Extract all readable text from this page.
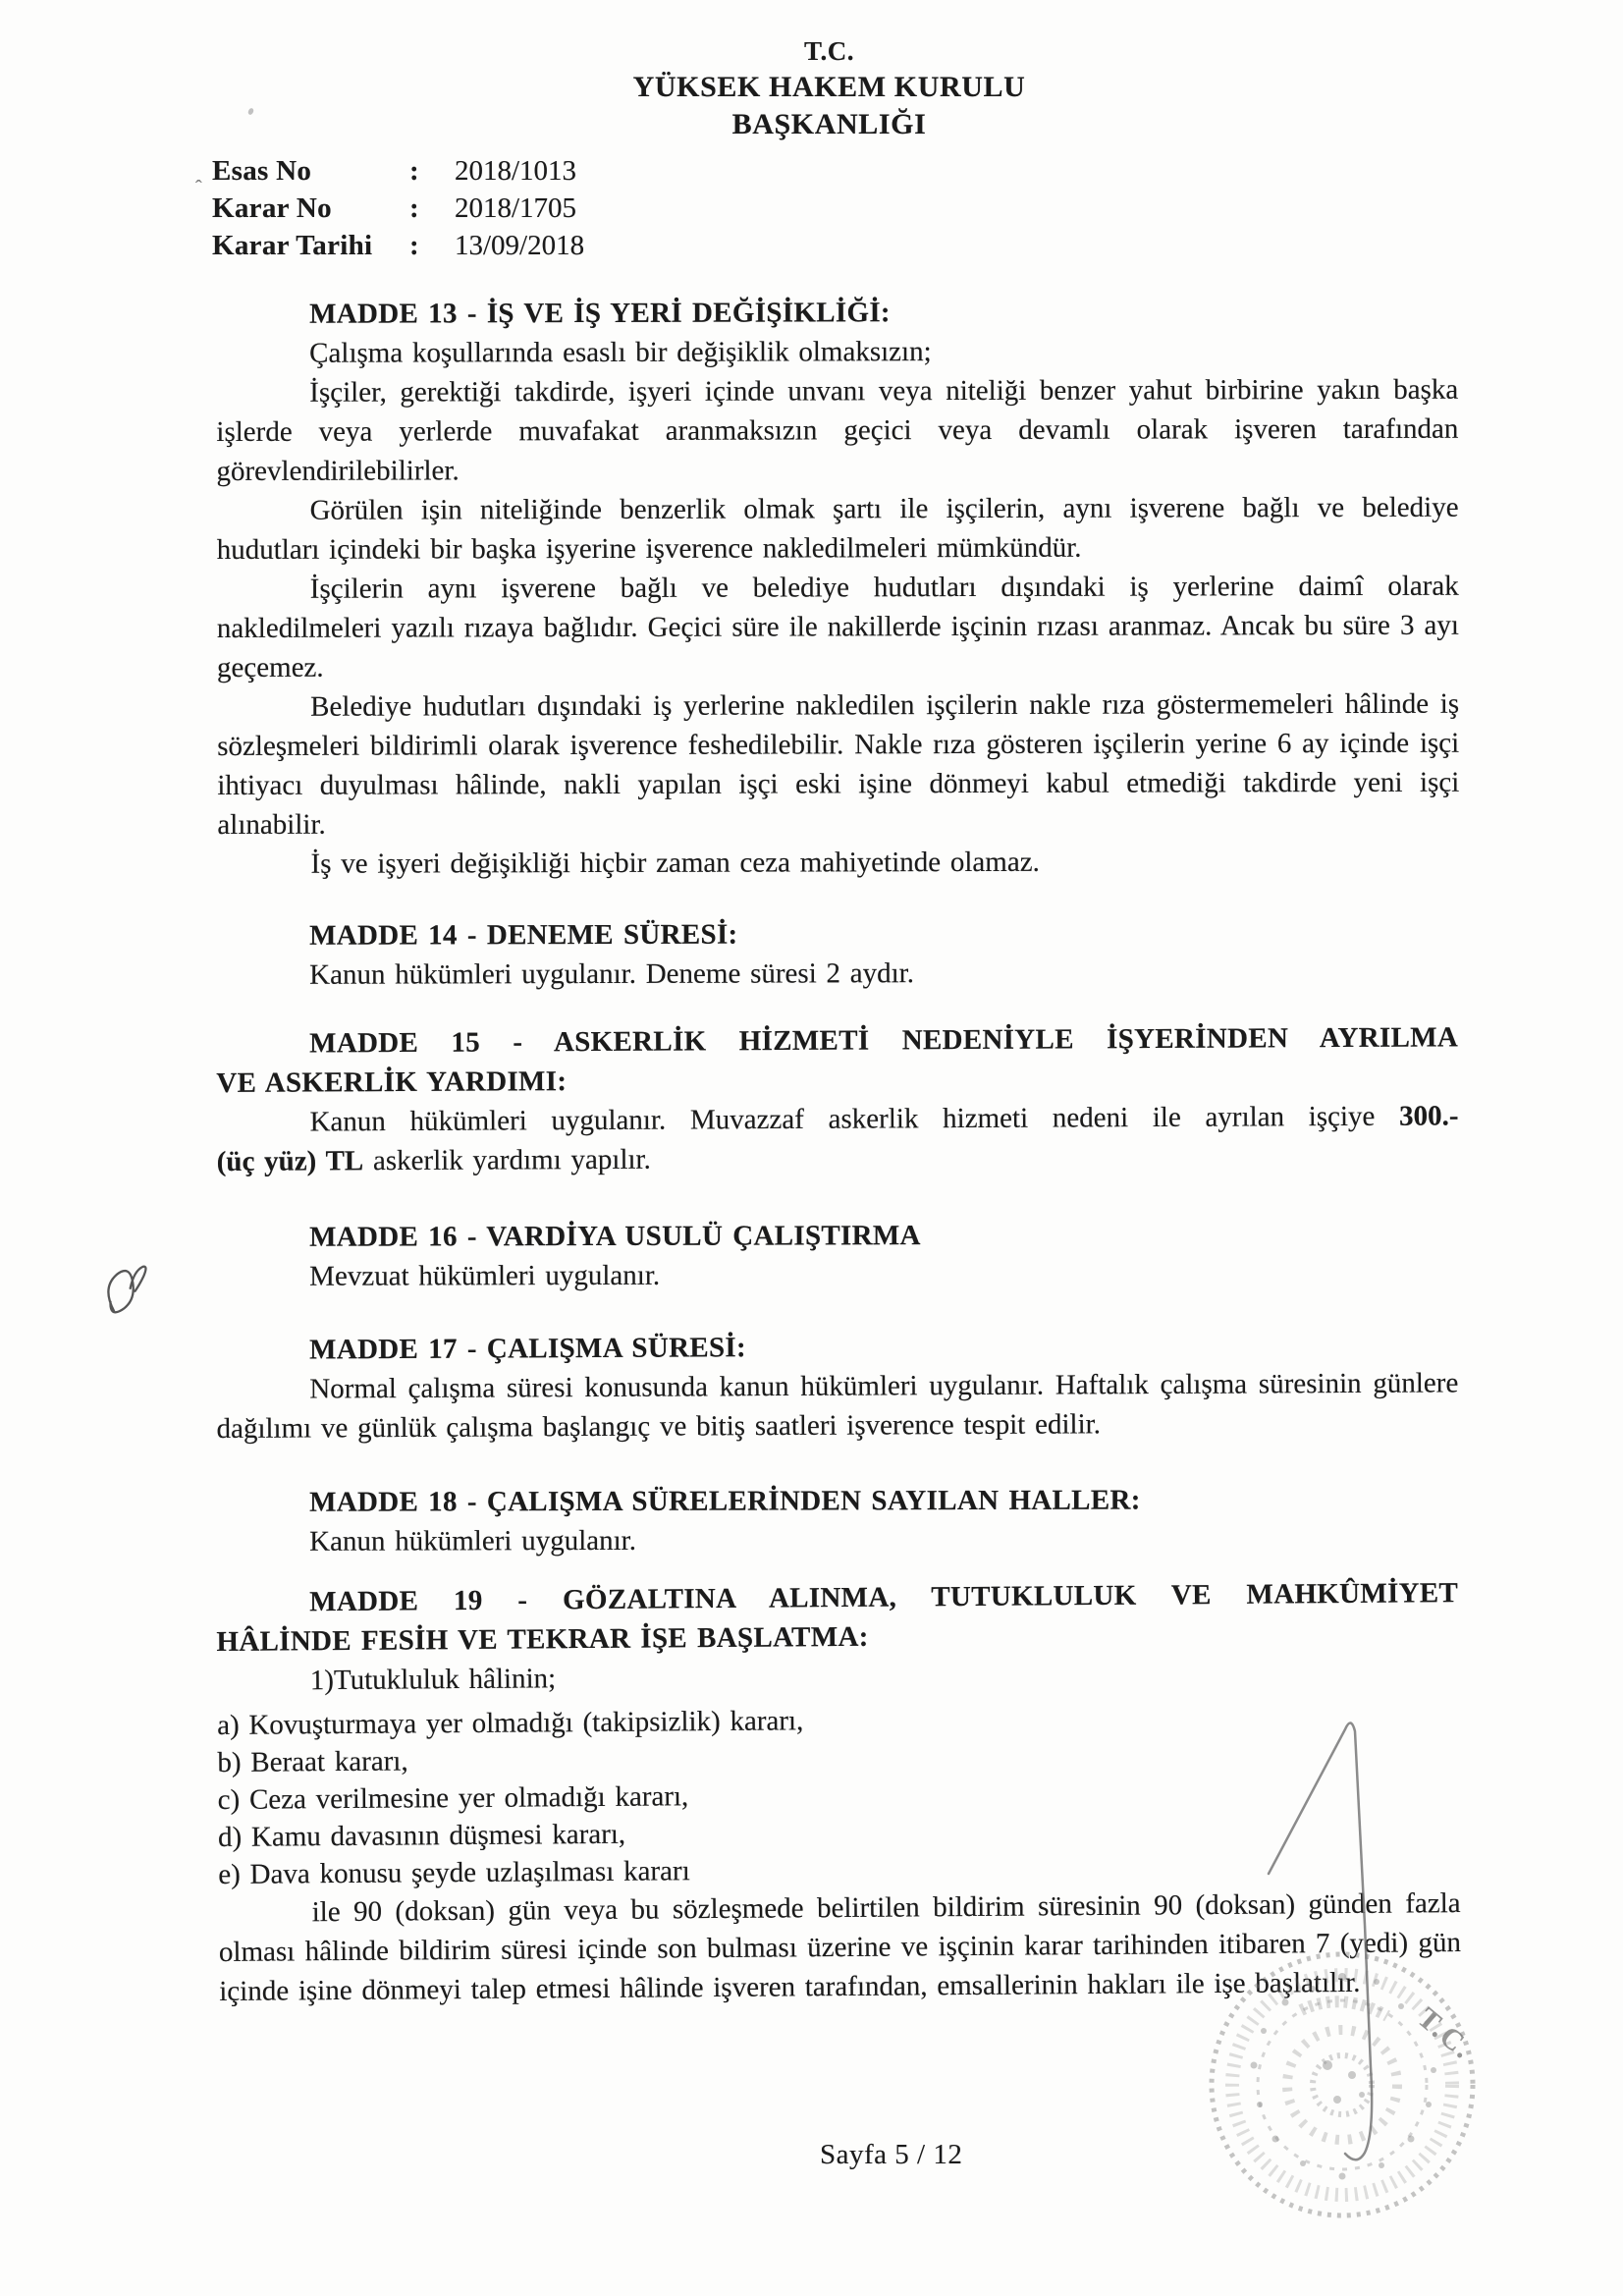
T.C.
YÜKSEK HAKEM KURULU
BAŞKANLIĞI
ˆ
Esas No	:	2018/1013
Karar No	:	2018/1705
Karar Tarihi	:	13/09/2018
MADDE 13 - İŞ VE İŞ YERİ DEĞİŞİKLİĞİ:

Çalışma koşullarında esaslı bir değişiklik olmaksızın;

İşçiler, gerektiği takdirde, işyeri içinde unvanı veya niteliği benzer yahut birbirine yakın başka işlerde veya yerlerde muvafakat aranmaksızın geçici veya devamlı olarak işveren tarafından görevlendirilebilirler.

Görülen işin niteliğinde benzerlik olmak şartı ile işçilerin, aynı işverene bağlı ve belediye hudutları içindeki bir başka işyerine işverence nakledilmeleri mümkündür.

İşçilerin aynı işverene bağlı ve belediye hudutları dışındaki iş yerlerine daimî olarak nakledilmeleri yazılı rızaya bağlıdır. Geçici süre ile nakillerde işçinin rızası aranmaz. Ancak bu süre 3 ayı geçemez.

Belediye hudutları dışındaki iş yerlerine nakledilen işçilerin nakle rıza göstermemeleri hâlinde iş sözleşmeleri bildirimli olarak işverence feshedilebilir. Nakle rıza gösteren işçilerin yerine 6 ay içinde işçi ihtiyacı duyulması hâlinde, nakli yapılan işçi eski işine dönmeyi kabul etmediği takdirde yeni işçi alınabilir.

İş ve işyeri değişikliği hiçbir zaman ceza mahiyetinde olamaz.

MADDE 14 - DENEME SÜRESİ:

Kanun hükümleri uygulanır. Deneme süresi 2 aydır.

MADDE 15 - ASKERLİK HİZMETİ NEDENİYLE İŞYERİNDEN AYRILMA
VE ASKERLİK YARDIMI:

Kanun hükümleri uygulanır. Muvazzaf askerlik hizmeti nedeni ile ayrılan işçiye 300.-

(üç yüz) TL askerlik yardımı yapılır.

MADDE 16 - VARDİYA USULÜ ÇALIŞTIRMA

Mevzuat hükümleri uygulanır.

MADDE 17 - ÇALIŞMA SÜRESİ:

Normal çalışma süresi konusunda kanun hükümleri uygulanır. Haftalık çalışma süresinin günlere dağılımı ve günlük çalışma başlangıç ve bitiş saatleri işverence tespit edilir.

MADDE 18 - ÇALIŞMA SÜRELERİNDEN SAYILAN HALLER:

Kanun hükümleri uygulanır.

MADDE 19 - GÖZALTINA ALINMA, TUTUKLULUK VE MAHKÛMİYET
HÂLİNDE FESİH VE TEKRAR İŞE BAŞLATMA:

1)Tutukluluk hâlinin;

a) Kovuşturmaya yer olmadığı (takipsizlik) kararı,

b) Beraat kararı,

c) Ceza verilmesine yer olmadığı kararı,

d) Kamu davasının düşmesi kararı,

e) Dava konusu şeyde uzlaşılması kararı

ile 90 (doksan) gün veya bu sözleşmede belirtilen bildirim süresinin 90 (doksan) günden fazla olması hâlinde bildirim süresi içinde son bulması üzerine ve işçinin karar tarihinden itibaren 7 (yedi) gün içinde işine dönmeyi talep etmesi hâlinde işveren tarafından, emsallerinin hakları ile işe başlatılır.

T.C.
Sayfa 5 / 12
